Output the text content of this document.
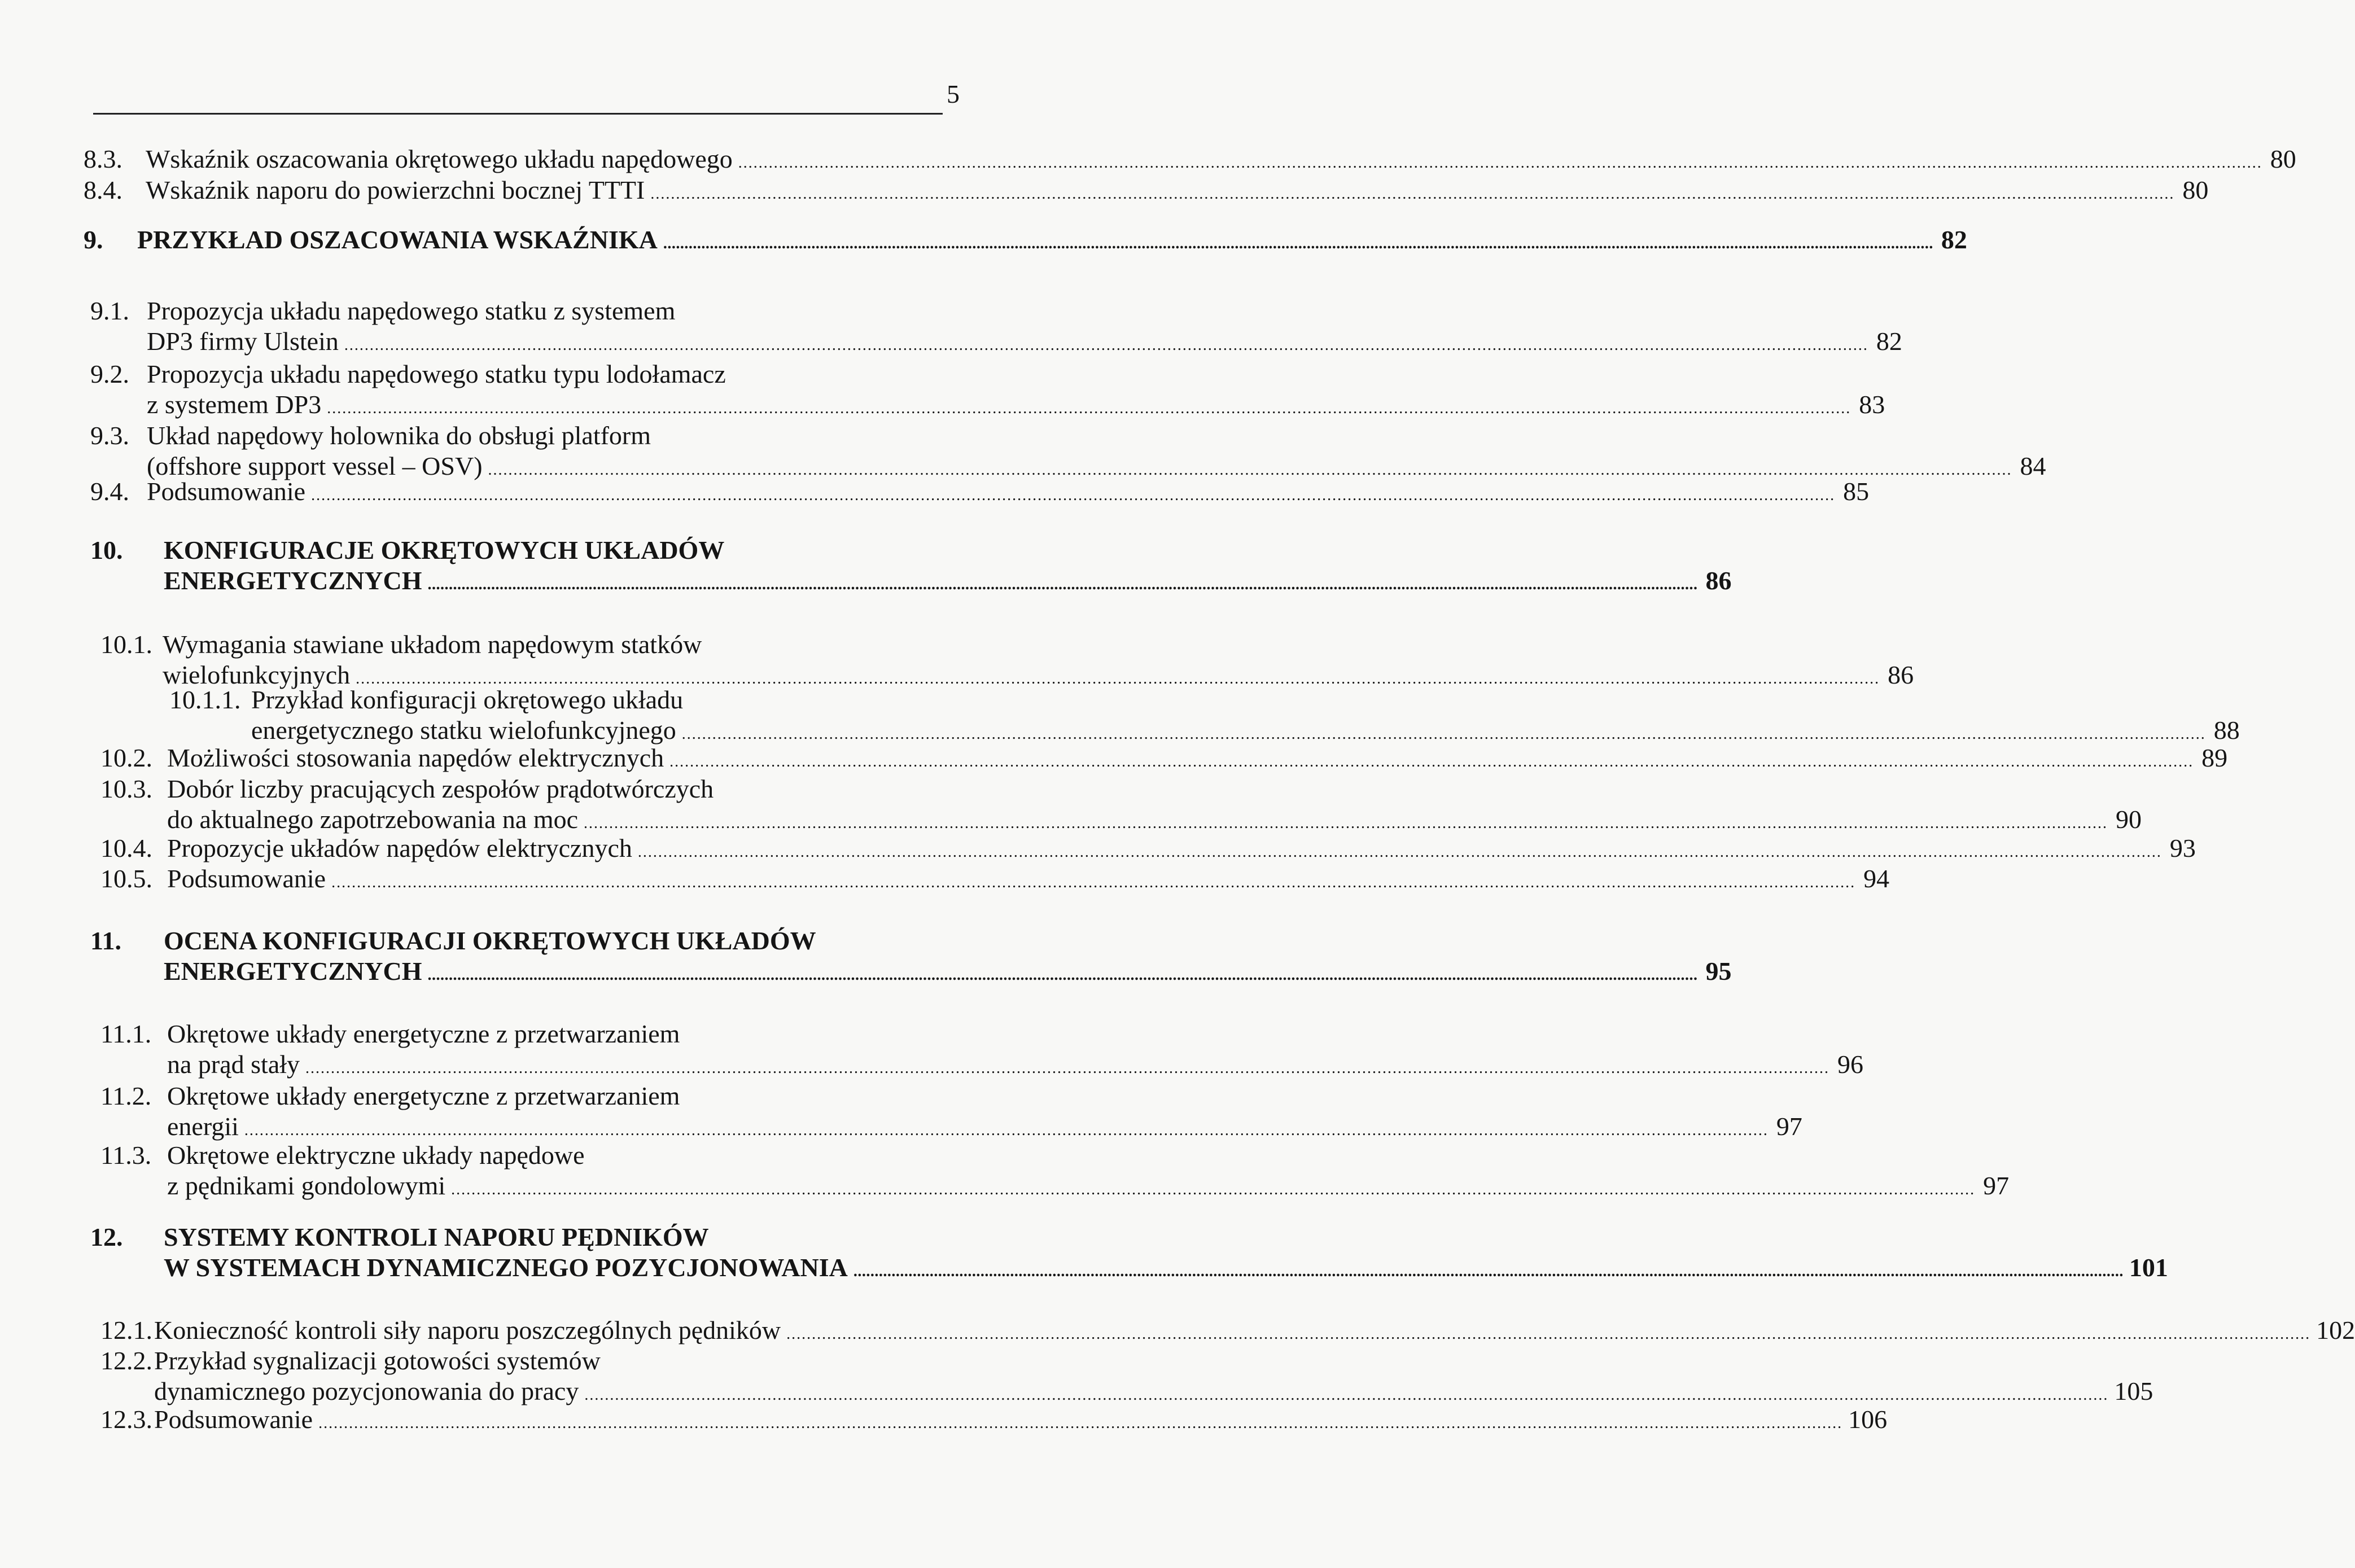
5
8.3. Wskaźnik oszacowania okrętowego układu napędowego ............................................................................................................................................................................................................................................................................................................ 80
8.4. Wskaźnik naporu do powierzchni bocznej TTTI ............................................................................................................................................................................................................................................................................................................ 80
9.	PRZYKŁAD OSZACOWANIA WSKAŹNIKA ............................................................................................................................................................................................................................................................................................................ 82
9.1. Propozycja układu napędowego statku z systemem
DP3 firmy Ulstein ............................................................................................................................................................................................................................................................................................................ 82
9.2. Propozycja układu napędowego statku typu lodołamacz
z systemem DP3 ............................................................................................................................................................................................................................................................................................................ 83
9.3. Układ napędowy holownika do obsługi platform
(offshore support vessel – OSV) ............................................................................................................................................................................................................................................................................................................ 84
9.4. Podsumowanie ............................................................................................................................................................................................................................................................................................................ 85
10.	KONFIGURACJE OKRĘTOWYCH UKŁADÓW
ENERGETYCZNYCH ............................................................................................................................................................................................................................................................................................................ 86
10.1. Wymagania stawiane układom napędowym statków
wielofunkcyjnych ............................................................................................................................................................................................................................................................................................................ 86
10.1.1. Przykład konfiguracji okrętowego układu
energetycznego statku wielofunkcyjnego ............................................................................................................................................................................................................................................................................................................ 88
10.2. Możliwości stosowania napędów elektrycznych ............................................................................................................................................................................................................................................................................................................ 89
10.3. Dobór liczby pracujących zespołów prądotwórczych
do aktualnego zapotrzebowania na moc ............................................................................................................................................................................................................................................................................................................ 90
10.4. Propozycje układów napędów elektrycznych ............................................................................................................................................................................................................................................................................................................ 93
10.5. Podsumowanie ............................................................................................................................................................................................................................................................................................................ 94
11.	OCENA KONFIGURACJI OKRĘTOWYCH UKŁADÓW
ENERGETYCZNYCH ............................................................................................................................................................................................................................................................................................................ 95
11.1. Okrętowe układy energetyczne z przetwarzaniem
na prąd stały ............................................................................................................................................................................................................................................................................................................ 96
11.2. Okrętowe układy energetyczne z przetwarzaniem
energii ............................................................................................................................................................................................................................................................................................................ 97
11.3. Okrętowe elektryczne układy napędowe
z pędnikami gondolowymi ............................................................................................................................................................................................................................................................................................................ 97
12.	SYSTEMY KONTROLI NAPORU PĘDNIKÓW
W SYSTEMACH DYNAMICZNEGO POZYCJONOWANIA ............................................................................................................................................................................................................................................................................................................ 101
12.1. Konieczność kontroli siły naporu poszczególnych pędników ............................................................................................................................................................................................................................................................................................................ 102
12.2. Przykład sygnalizacji gotowości systemów
dynamicznego pozycjonowania do pracy ............................................................................................................................................................................................................................................................................................................ 105
12.3. Podsumowanie ............................................................................................................................................................................................................................................................................................................ 106
